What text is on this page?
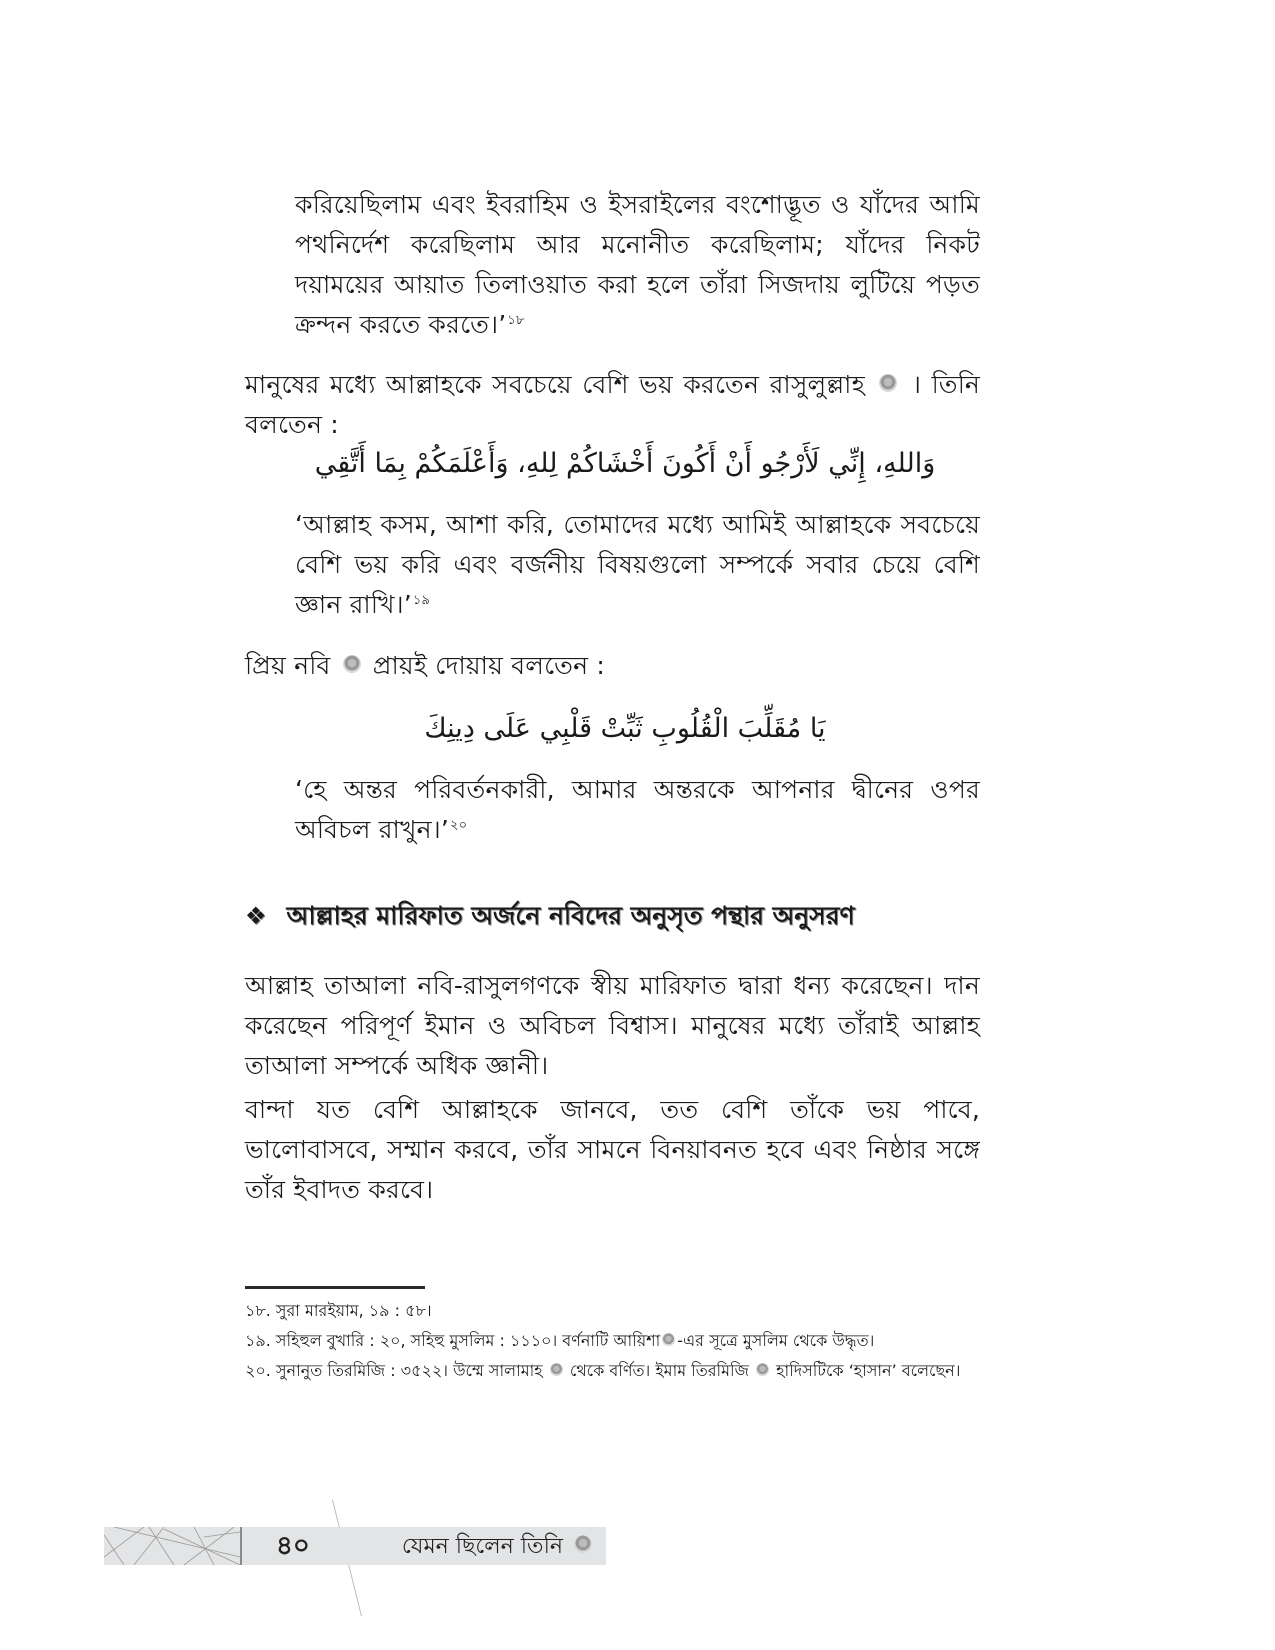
করিয়েছিলাম এবং ইবরাহিম ও ইসরাইলের বংশোদ্ভূত ও যাঁদের আমি পথনির্দেশ করেছিলাম আর মনোনীত করেছিলাম; যাঁদের নিকট দয়াময়ের আয়াত তিলাওয়াত করা হলে তাঁরা সিজদায় লুটিয়ে পড়ত ক্রন্দন করতে করতে।’$^{১৮}$
মানুষের মধ্যে আল্লাহকে সবচেয়ে বেশি ভয় করতেন রাসুলুল্লাহ । তিনি বলতেন :
وَاللهِ، إِنِّي لَأَرْجُو أَنْ أَكُونَ أَخْشَاكُمْ لِلهِ، وَأَعْلَمَكُمْ بِمَا أَتَّقِي
‘আল্লাহ কসম, আশা করি, তোমাদের মধ্যে আমিই আল্লাহকে সবচেয়ে বেশি ভয় করি এবং বর্জনীয় বিষয়গুলো সম্পর্কে সবার চেয়ে বেশি জ্ঞান রাখি।’$^{১৯}$
প্রিয় নবি প্রায়ই দোয়ায় বলতেন :
يَا مُقَلِّبَ الْقُلُوبِ ثَبِّتْ قَلْبِي عَلَى دِينِكَ
‘হে অন্তর পরিবর্তনকারী, আমার অন্তরকে আপনার দ্বীনের ওপর অবিচল রাখুন।’$^{২০}$
❖ আল্লাহর মারিফাত অর্জনে নবিদের অনুসৃত পন্থার অনুসরণ
আল্লাহ তাআলা নবি-রাসুলগণকে স্বীয় মারিফাত দ্বারা ধন্য করেছেন। দান করেছেন পরিপূর্ণ ইমান ও অবিচল বিশ্বাস। মানুষের মধ্যে তাঁরাই আল্লাহ তাআলা সম্পর্কে অধিক জ্ঞানী।
বান্দা যত বেশি আল্লাহকে জানবে, তত বেশি তাঁকে ভয় পাবে, ভালোবাসবে, সম্মান করবে, তাঁর সামনে বিনয়াবনত হবে এবং নিষ্ঠার সঙ্গে তাঁর ইবাদত করবে।
১৮. সুরা মারইয়াম, ১৯ : ৫৮।
১৯. সহিহুল বুখারি : ২০, সহিহু মুসলিম : ১১১০। বর্ণনাটি আয়িশা -এর সূত্রে মুসলিম থেকে উদ্ধৃত।
২০. সুনানুত তিরমিজি : ৩৫২২। উম্মে সালামাহ থেকে বর্ণিত। ইমাম তিরমিজি হাদিসটিকে ‘হাসান’ বলেছেন।
৪০	যেমন ছিলেন তিনি
